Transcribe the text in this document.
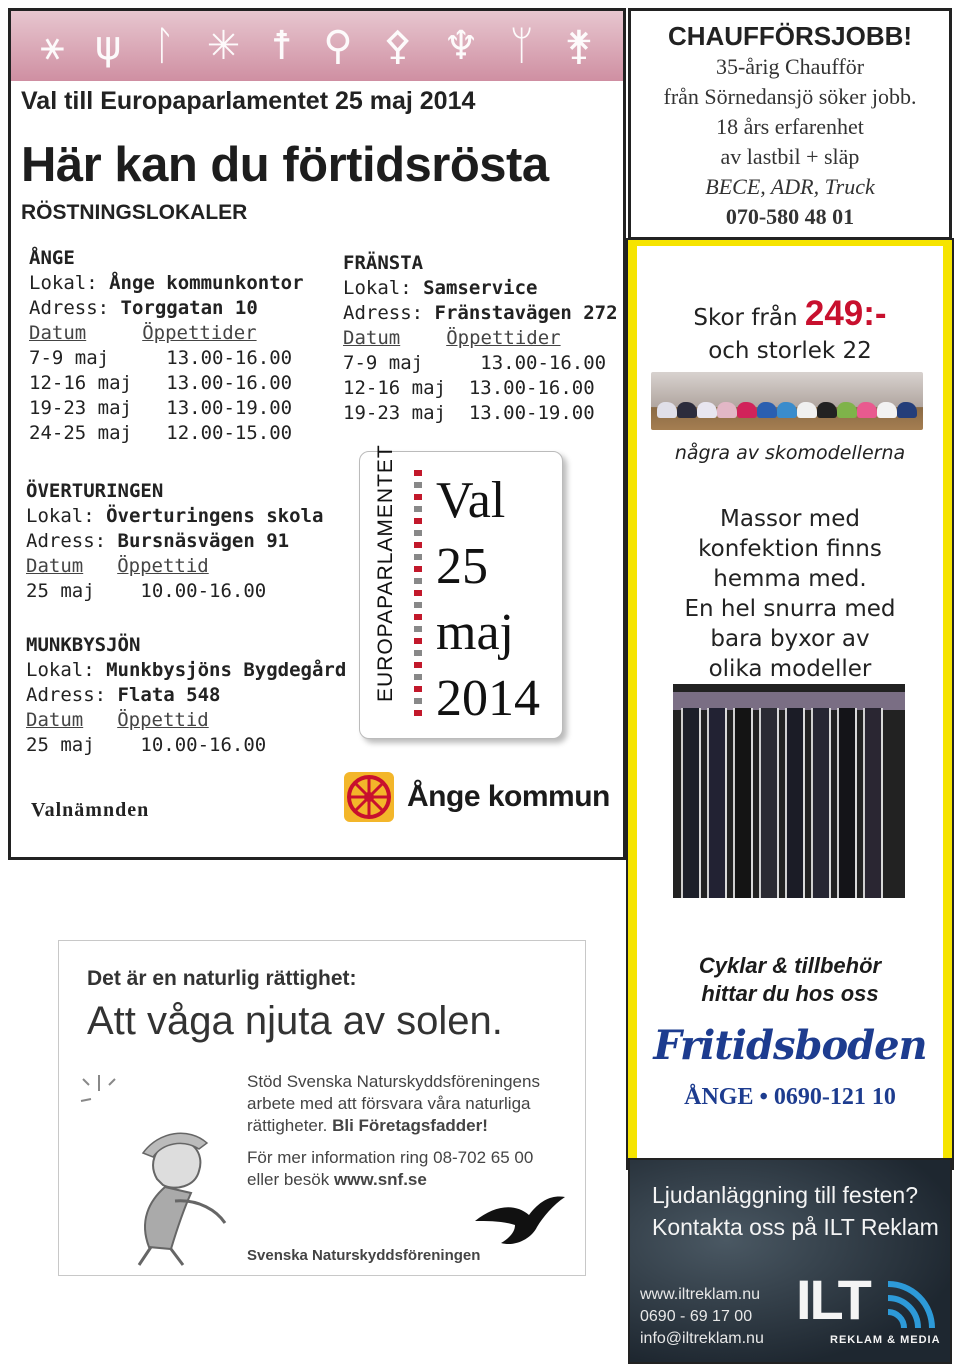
⚹ ψ ᛚ ✳ ☨ ⚲ ⚴ ♆ ᛘ ⚵
Val till Europaparlamentet 25 maj 2014
Här kan du förtidsrösta
RÖSTNINGSLOKALER
ÅNGE
Lokal: Ånge kommunkontor
Adress: Torggatan 10
Datum	Öppettider
7-9 maj     13.00-16.00
12-16 maj   13.00-16.00
19-23 maj   13.00-19.00
24-25 maj   12.00-15.00
FRÄNSTA
Lokal: Samservice
Adress: Fränstavägen 272
Datum Öppettider
7-9 maj     13.00-16.00
12-16 maj  13.00-16.00
19-23 maj  13.00-19.00
ÖVERTURINGEN
Lokal: Överturingens skola
Adress: Bursnäsvägen 91
Datum Öppettid
25 maj    10.00-16.00
MUNKBYSJÖN
Lokal: Munkbysjöns Bygdegård
Adress: Flata 548
Datum Öppettid
25 maj    10.00-16.00
EUROPAPARLAMENTET Val
25
maj
2014
Ånge kommun
Valnämnden
CHAUFFÖRSJOBB!
35-årig Chaufför
från Sörnedansjö söker jobb.
18 års erfarenhet
av lastbil + släp
BECE, ADR, Truck
070-580 48 01
Skor från 249:-
och storlek 22
några av skomodellerna
Massor med
konfektion finns
hemma med.
En hel snurra med
bara byxor av
olika modeller
Cyklar & tillbehör
hittar du hos oss
Fritidsboden
ÅNGE • 0690-121 10
Det är en naturlig rättighet:
Att våga njuta av solen.
Stöd Svenska Naturskyddsföreningens
arbete med att försvara våra naturliga
rättigheter. Bli Företagsfadder!
För mer information ring 08-702 65 00
eller besök www.snf.se
Svenska Naturskyddsföreningen
Ljudanläggning till festen?
Kontakta oss på ILT Reklam
www.iltreklam.nu
0690 - 69 17 00
info@iltreklam.nu
ILT
REKLAM & MEDIA
